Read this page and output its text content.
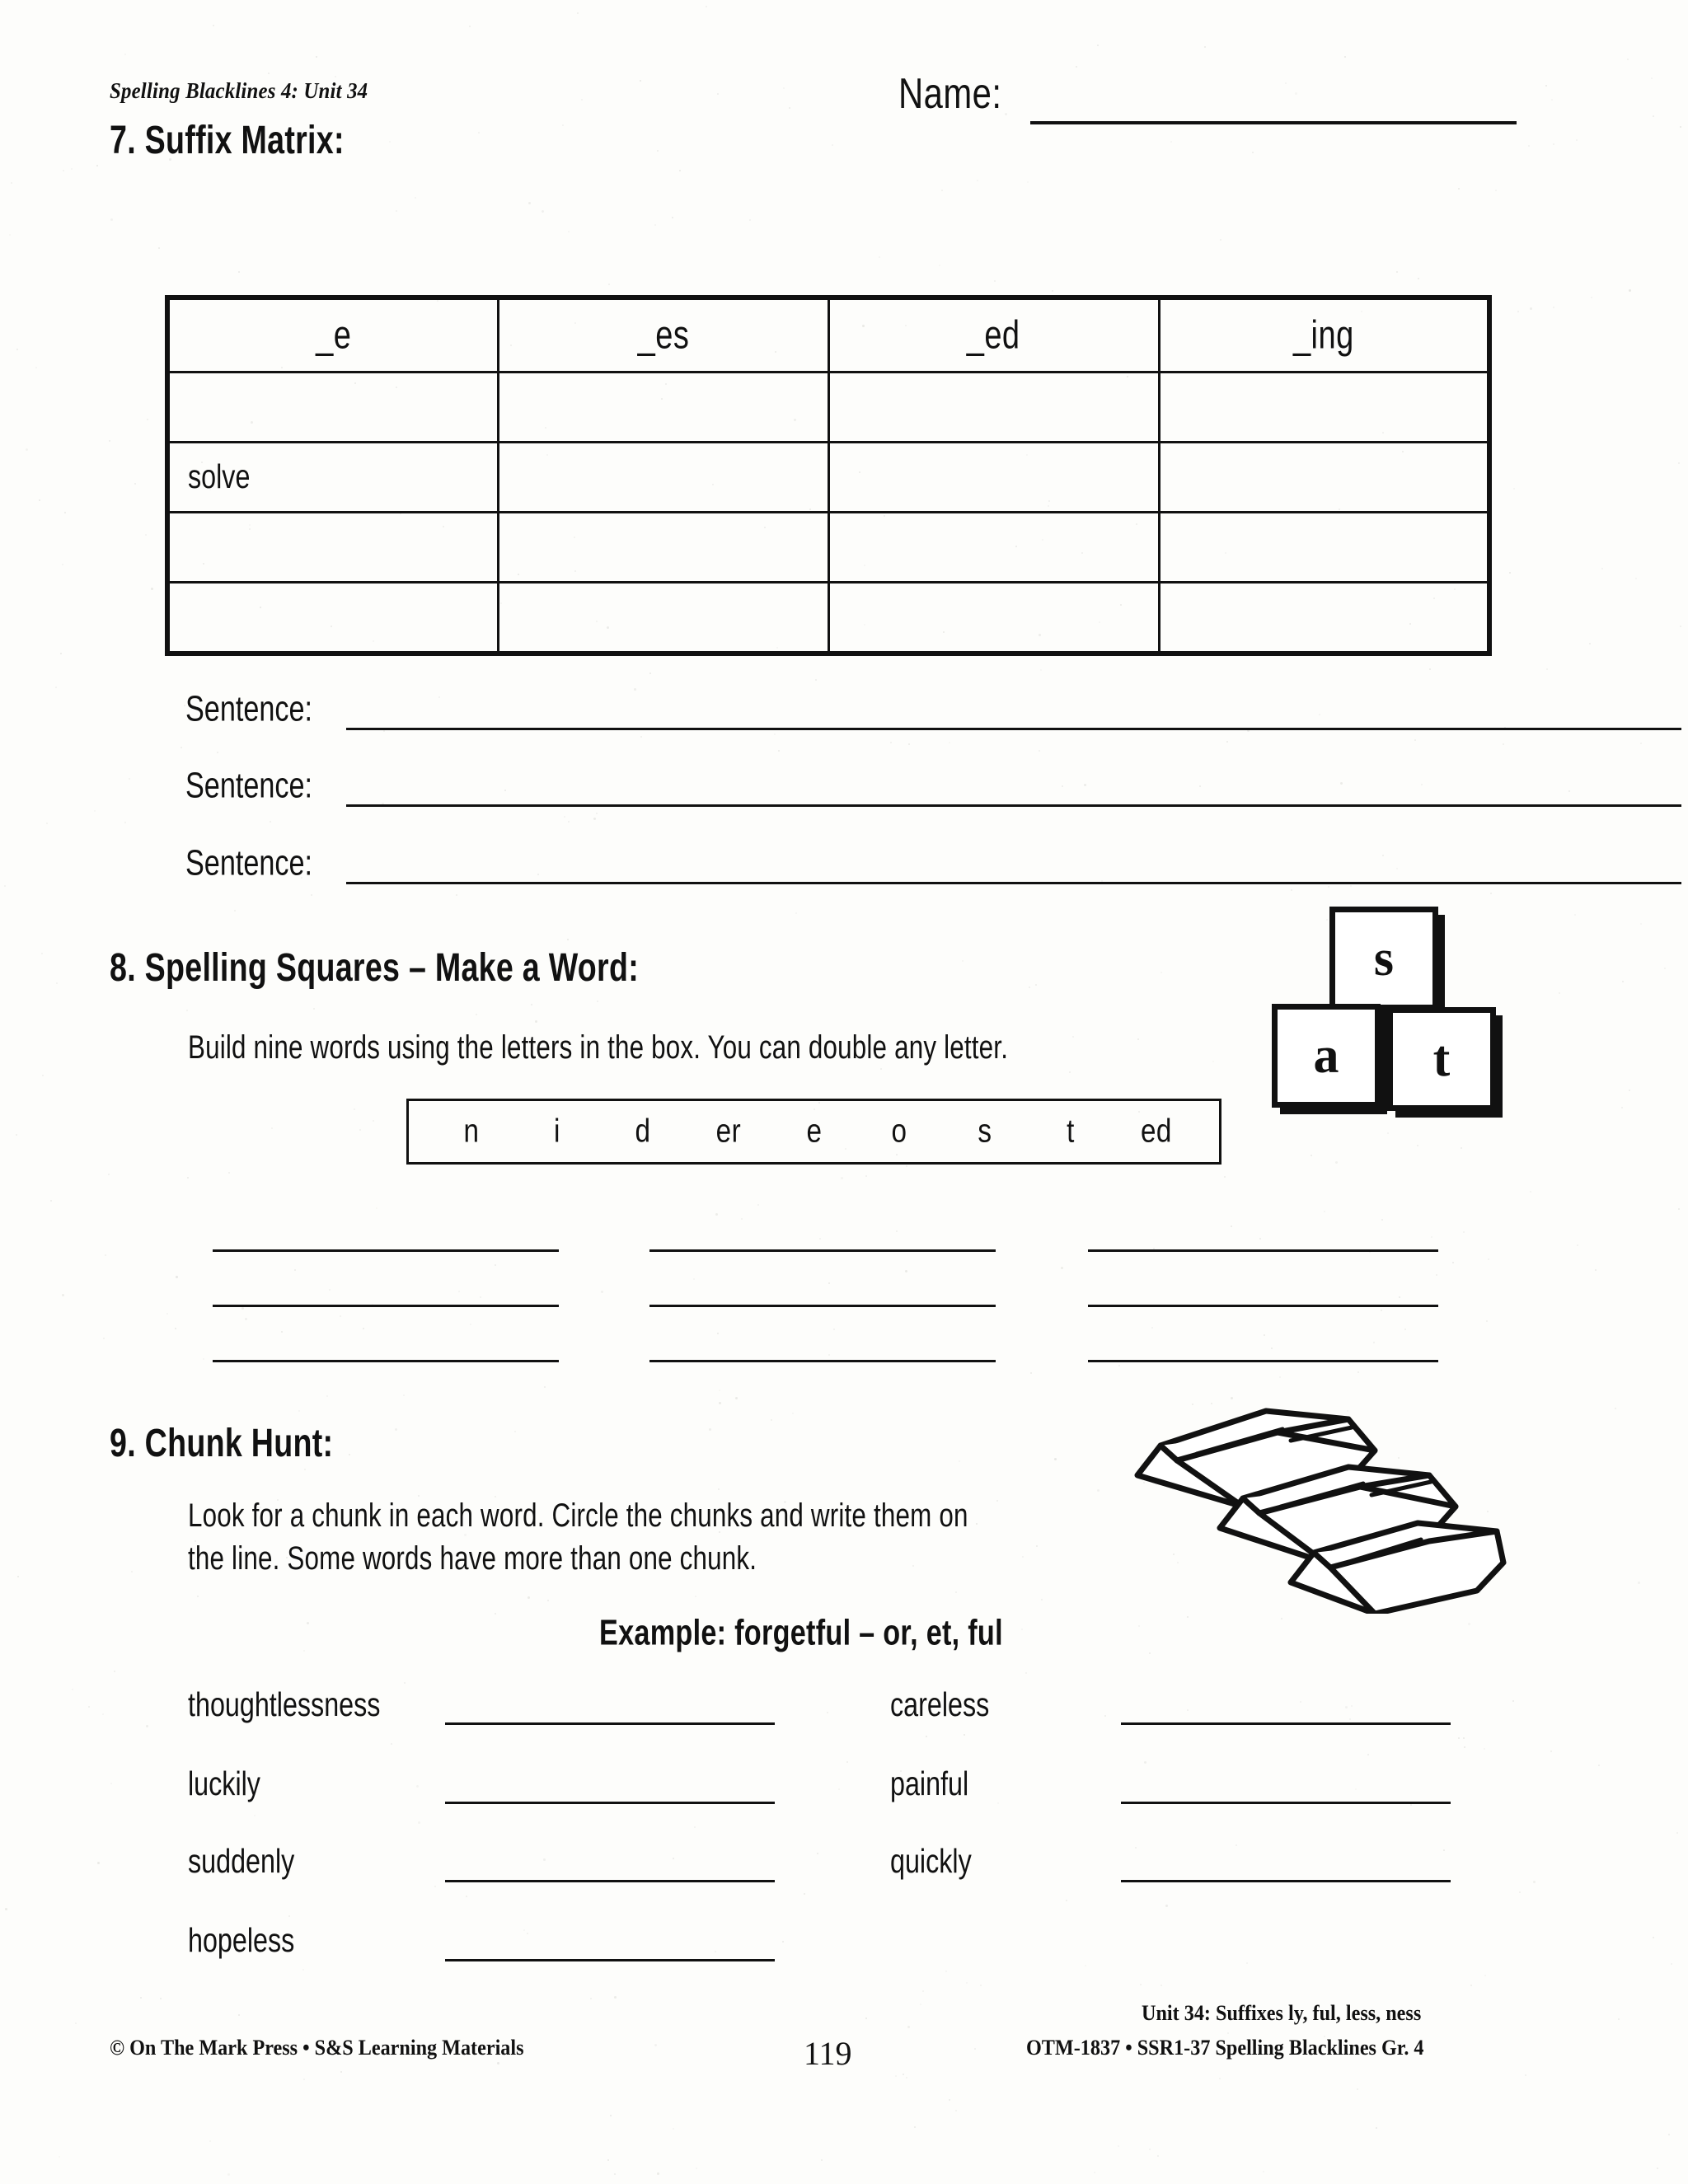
Spelling Blacklines 4: Unit 34	Name:
7. Suffix Matrix:
_e	_es	_ed	_ing

solve			

Sentence:
Sentence:
Sentence:
8. Spelling Squares – Make a Word:
Build nine words using the letters in the box. You can double any letter.
n	i	d	er	e	o	s	t	ed
s
a	t
9. Chunk Hunt:
Look for a chunk in each word. Circle the chunks and write them on
the line. Some words have more than one chunk.
Example: forgetful – or, et, ful
thoughtlessness	careless
luckily	painful
suddenly	quickly
hopeless
© On The Mark Press • S&S Learning Materials	119
Unit 34: Suffixes ly, ful, less, ness
OTM-1837 • SSR1-37 Spelling Blacklines Gr. 4
